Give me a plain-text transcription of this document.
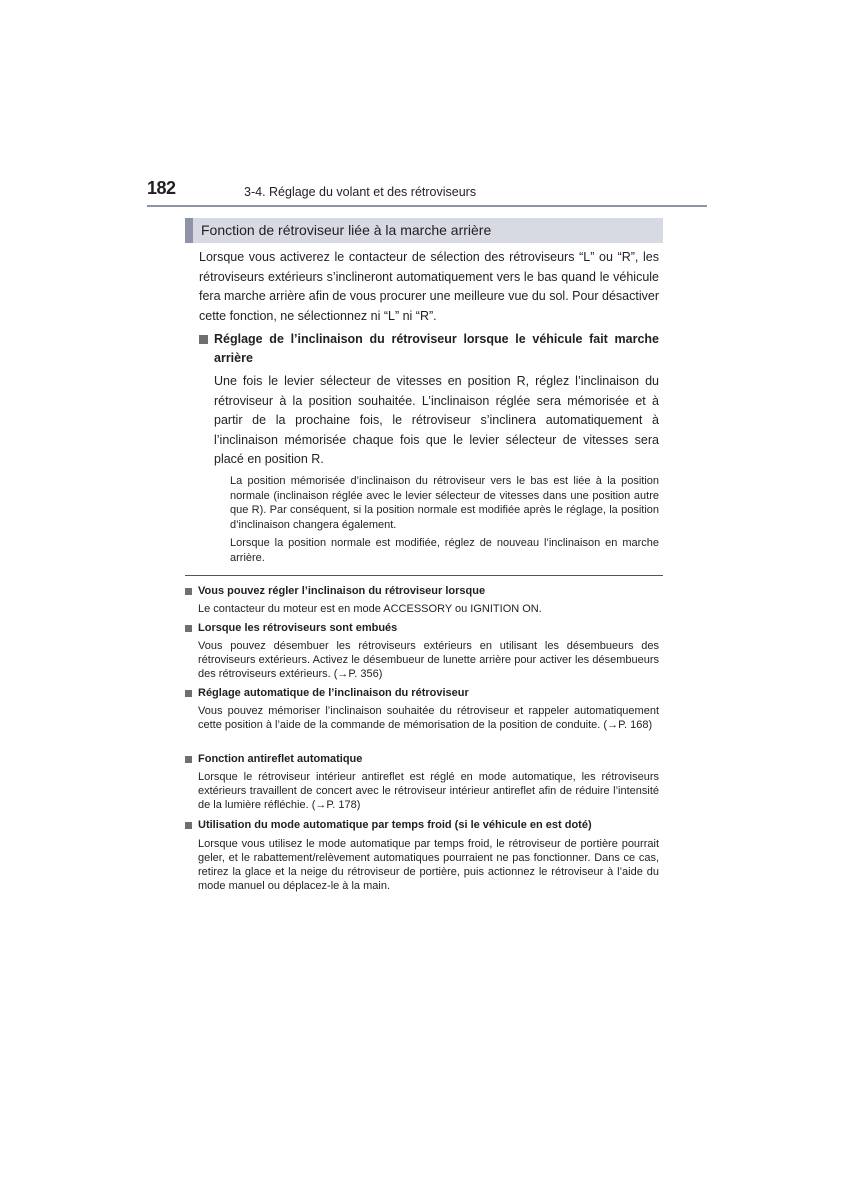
182	3-4. Réglage du volant et des rétroviseurs
Fonction de rétroviseur liée à la marche arrière
Lorsque vous activerez le contacteur de sélection des rétroviseurs “L” ou “R”, les rétroviseurs extérieurs s’inclineront automatiquement vers le bas quand le véhicule fera marche arrière afin de vous procurer une meilleure vue du sol. Pour désactiver cette fonction, ne sélectionnez ni “L” ni “R”.
Réglage de l’inclinaison du rétroviseur lorsque le véhicule fait marche arrière
Une fois le levier sélecteur de vitesses en position R, réglez l’inclinaison du rétroviseur à la position souhaitée. L’inclinaison réglée sera mémorisée et à partir de la prochaine fois, le rétroviseur s’inclinera automatiquement à l’inclinaison mémorisée chaque fois que le levier sélecteur de vitesses sera placé en position R.
La position mémorisée d’inclinaison du rétroviseur vers le bas est liée à la position normale (inclinaison réglée avec le levier sélecteur de vitesses dans une position autre que R). Par conséquent, si la position normale est modifiée après le réglage, la position d’inclinaison changera également.
Lorsque la position normale est modifiée, réglez de nouveau l’inclinaison en marche arrière.
Vous pouvez régler l’inclinaison du rétroviseur lorsque
Le contacteur du moteur est en mode ACCESSORY ou IGNITION ON.
Lorsque les rétroviseurs sont embués
Vous pouvez désembuer les rétroviseurs extérieurs en utilisant les désembueurs des rétroviseurs extérieurs. Activez le désembueur de lunette arrière pour activer les désembueurs des rétroviseurs extérieurs. (→P. 356)
Réglage automatique de l’inclinaison du rétroviseur
Vous pouvez mémoriser l’inclinaison souhaitée du rétroviseur et rappeler automatiquement cette position à l’aide de la commande de mémorisation de la position de conduite. (→P. 168)
Fonction antireflet automatique
Lorsque le rétroviseur intérieur antireflet est réglé en mode automatique, les rétroviseurs extérieurs travaillent de concert avec le rétroviseur intérieur antireflet afin de réduire l’intensité de la lumière réfléchie. (→P. 178)
Utilisation du mode automatique par temps froid (si le véhicule en est doté)
Lorsque vous utilisez le mode automatique par temps froid, le rétroviseur de portière pourrait geler, et le rabattement/relèvement automatiques pourraient ne pas fonctionner. Dans ce cas, retirez la glace et la neige du rétroviseur de portière, puis actionnez le rétroviseur à l’aide du mode manuel ou déplacez-le à la main.
